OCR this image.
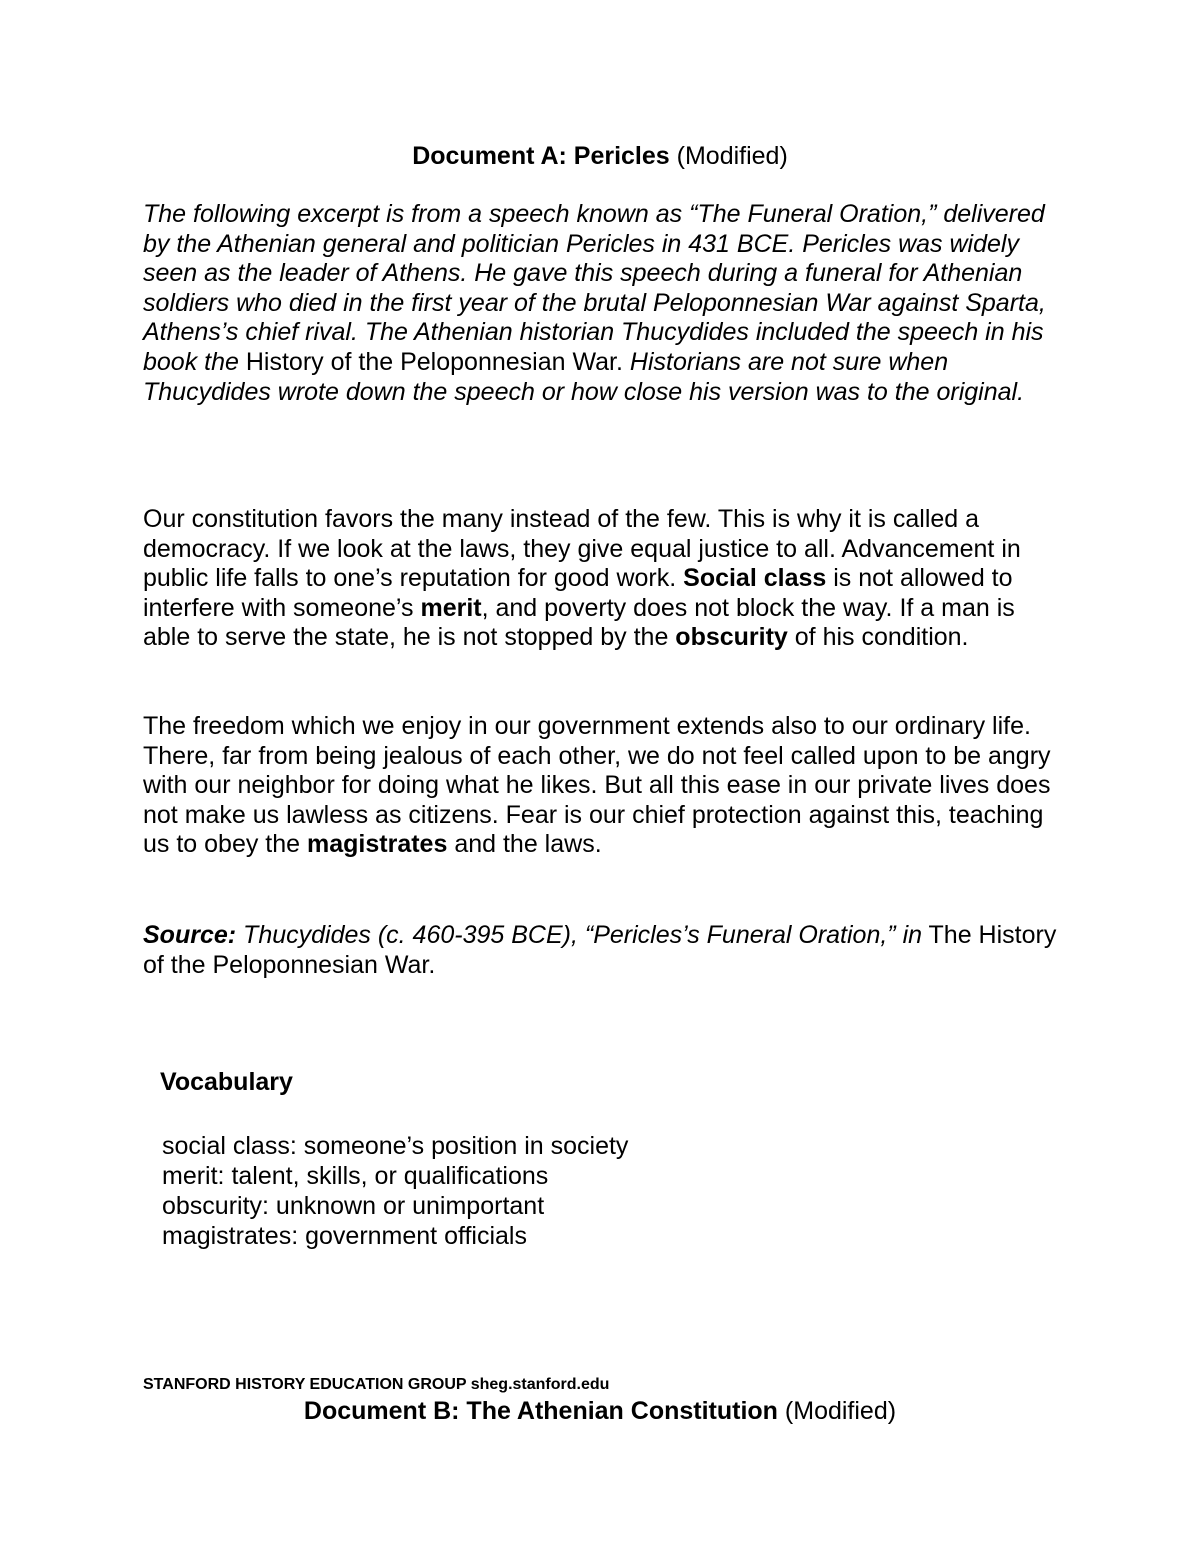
Document A: Pericles (Modified)

The following excerpt is from a speech known as “The Funeral Oration,” delivered by the Athenian general and politician Pericles in 431 BCE. Pericles was widely seen as the leader of Athens. He gave this speech during a funeral for Athenian soldiers who died in the first year of the brutal Peloponnesian War against Sparta, Athens’s chief rival. The Athenian historian Thucydides included the speech in his book the History of the Peloponnesian War. Historians are not sure when Thucydides wrote down the speech or how close his version was to the original.

Our constitution favors the many instead of the few. This is why it is called a democracy. If we look at the laws, they give equal justice to all. Advancement in public life falls to one’s reputation for good work. Social class is not allowed to interfere with someone’s merit, and poverty does not block the way. If a man is able to serve the state, he is not stopped by the obscurity of his condition.

The freedom which we enjoy in our government extends also to our ordinary life. There, far from being jealous of each other, we do not feel called upon to be angry with our neighbor for doing what he likes. But all this ease in our private lives does not make us lawless as citizens. Fear is our chief protection against this, teaching us to obey the magistrates and the laws.

Source: Thucydides (c. 460-395 BCE), “Pericles’s Funeral Oration,” in The History of the Peloponnesian War.

Vocabulary
social class: someone’s position in society
merit: talent, skills, or qualifications
obscurity: unknown or unimportant
magistrates: government officials

STANFORD HISTORY EDUCATION GROUP sheg.stanford.edu

Document B: The Athenian Constitution (Modified)
